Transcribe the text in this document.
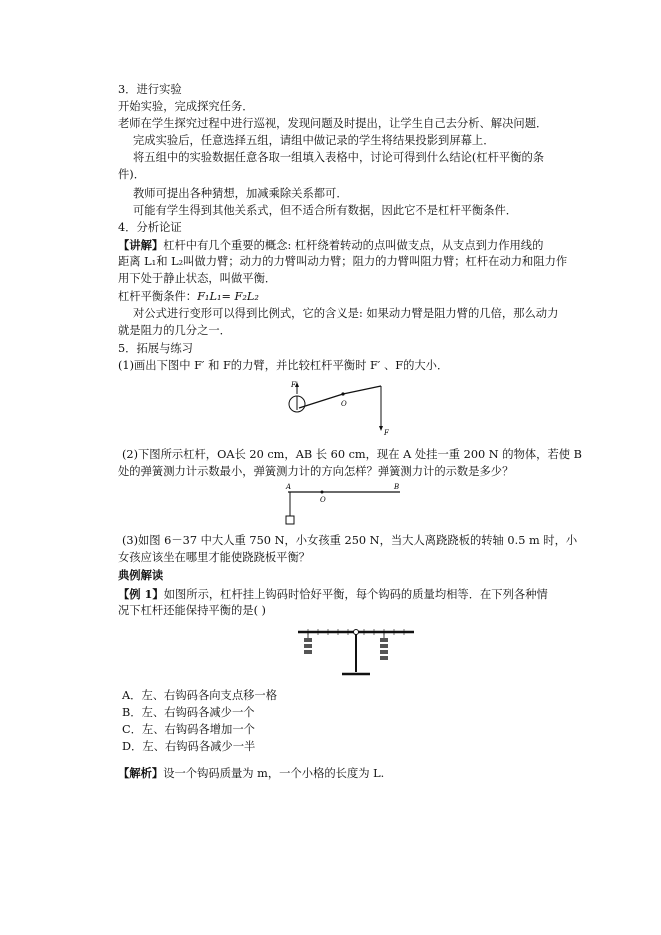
3．进行实验
开始实验，完成探究任务．
老师在学生探究过程中进行巡视，发现问题及时提出，让学生自己去分析、解决问题．
完成实验后，任意选择五组，请组中做记录的学生将结果投影到屏幕上．
将五组中的实验数据任意各取一组填入表格中，讨论可得到什么结论(杠杆平衡的条
件)．
教师可提出各种猜想，加减乘除关系都可．
可能有学生得到其他关系式，但不适合所有数据，因此它不是杠杆平衡条件．
4．分析论证
【讲解】杠杆中有几个重要的概念: 杠杆绕着转动的点叫做支点，从支点到力作用线的
距离 L₁和 L₂叫做力臂；动力的力臂叫动力臂；阻力的力臂叫阻力臂；杠杆在动力和阻力作
用下处于静止状态，叫做平衡．
杠杆平衡条件：F₁L₁= F₂L₂
对公式进行变形可以得到比例式，它的含义是: 如果动力臂是阻力臂的几倍，那么动力
就是阻力的几分之一．
5．拓展与练习
(1)画出下图中 F′ 和 F的力臂，并比较杠杆平衡时 F′ 、F的大小．
F′
O
F
(2)下图所示杠杆，OA长 20 cm，AB 长 60 cm，现在 A 处挂一重 200 N 的物体，若使 B
处的弹簧测力计示数最小，弹簧测力计的方向怎样？弹簧测力计的示数是多少？
A	B
O
(3)如图 6－37 中大人重 750 N，小女孩重 250 N，当大人离跷跷板的转轴 0.5 m 时，小
女孩应该坐在哪里才能使跷跷板平衡？
典例解读
【例 1】如图所示，杠杆挂上钩码时恰好平衡，每个钩码的质量均相等．在下列各种情
况下杠杆还能保持平衡的是( )
A．左、右钩码各向支点移一格
B．左、右钩码各减少一个
C．左、右钩码各增加一个
D．左、右钩码各减少一半
【解析】设一个钩码质量为 m，一个小格的长度为 L.
